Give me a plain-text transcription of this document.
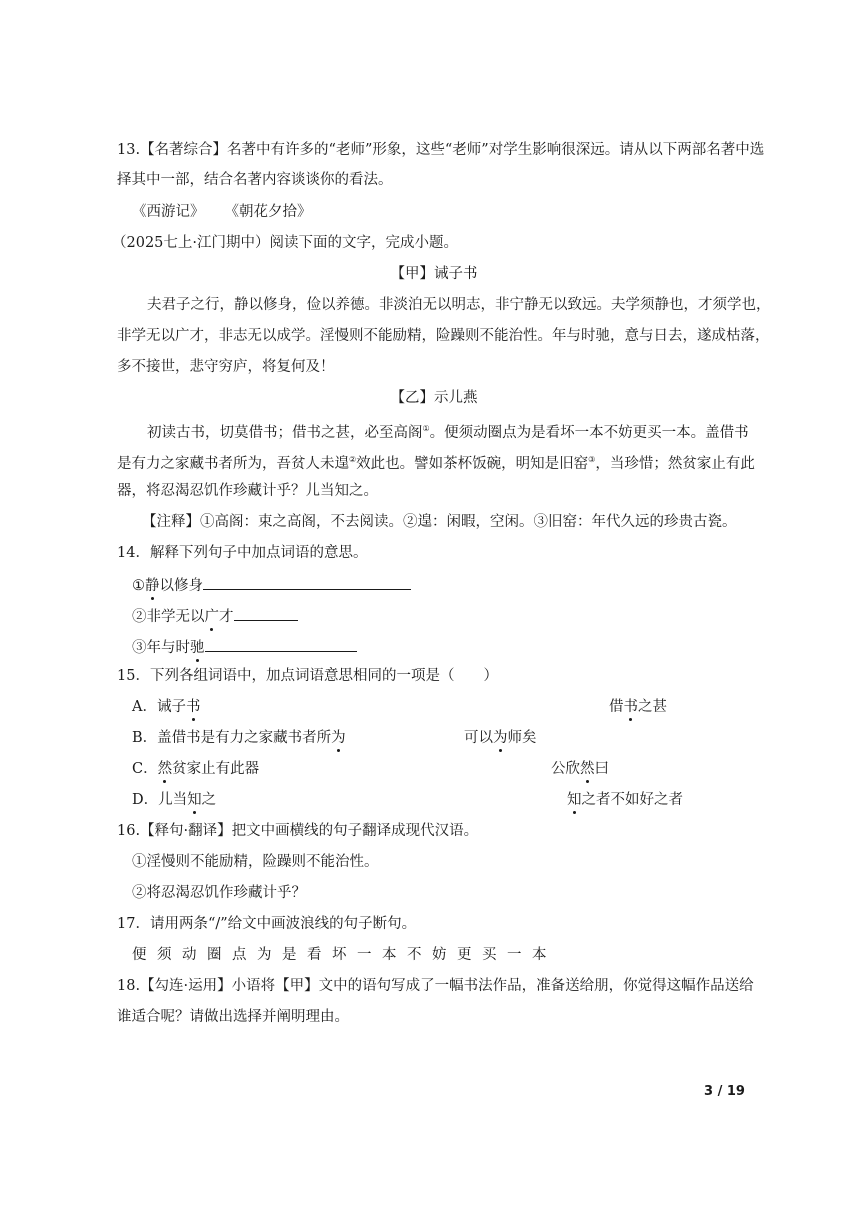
13.【名著综合】名著中有许多的“老师”形象，这些“老师”对学生影响很深远。请从以下两部名著中选
择其中一部，结合名著内容谈谈你的看法。
《西游记》 《朝花夕拾》
（2025七上·江门期中）阅读下面的文字，完成小题。
【甲】诫子书
夫君子之行，静以修身，俭以养德。非淡泊无以明志，非宁静无以致远。夫学须静也，才须学也，
非学无以广才，非志无以成学。淫慢则不能励精，险躁则不能治性。年与时驰，意与日去，遂成枯落，
多不接世，悲守穷庐，将复何及！
【乙】示儿燕
初读古书，切莫借书；借书之甚，必至高阁①。便须动圈点为是看坏一本不妨更买一本。盖借书
是有力之家藏书者所为，吾贫人未遑②效此也。譬如茶杯饭碗，明知是旧窑③，当珍惜；然贫家止有此
器，将忍渴忍饥作珍藏计乎？儿当知之。
【注释】①高阁：束之高阁，不去阅读。②遑：闲暇，空闲。③旧窑：年代久远的珍贵古瓷。
14．解释下列句子中加点词语的意思。
①静以修身
②非学无以广才
③年与时驰
15．下列各组词语中，加点词语意思相同的一项是（　　）
A．诫子书	借书之甚
B．盖借书是有力之家藏书者所为	可以为师矣
C．然贫家止有此器	公欣然曰
D．儿当知之	知之者不如好之者
16.【释句·翻译】把文中画横线的句子翻译成现代汉语。
①淫慢则不能励精，险躁则不能治性。
②将忍渴忍饥作珍藏计乎？
17．请用两条“/”给文中画波浪线的句子断句。
便须动圈点为是看坏一本不妨更买一本
18.【勾连·运用】小语将【甲】文中的语句写成了一幅书法作品，准备送给朋，你觉得这幅作品送给
谁适合呢？请做出选择并阐明理由。
3 / 19
